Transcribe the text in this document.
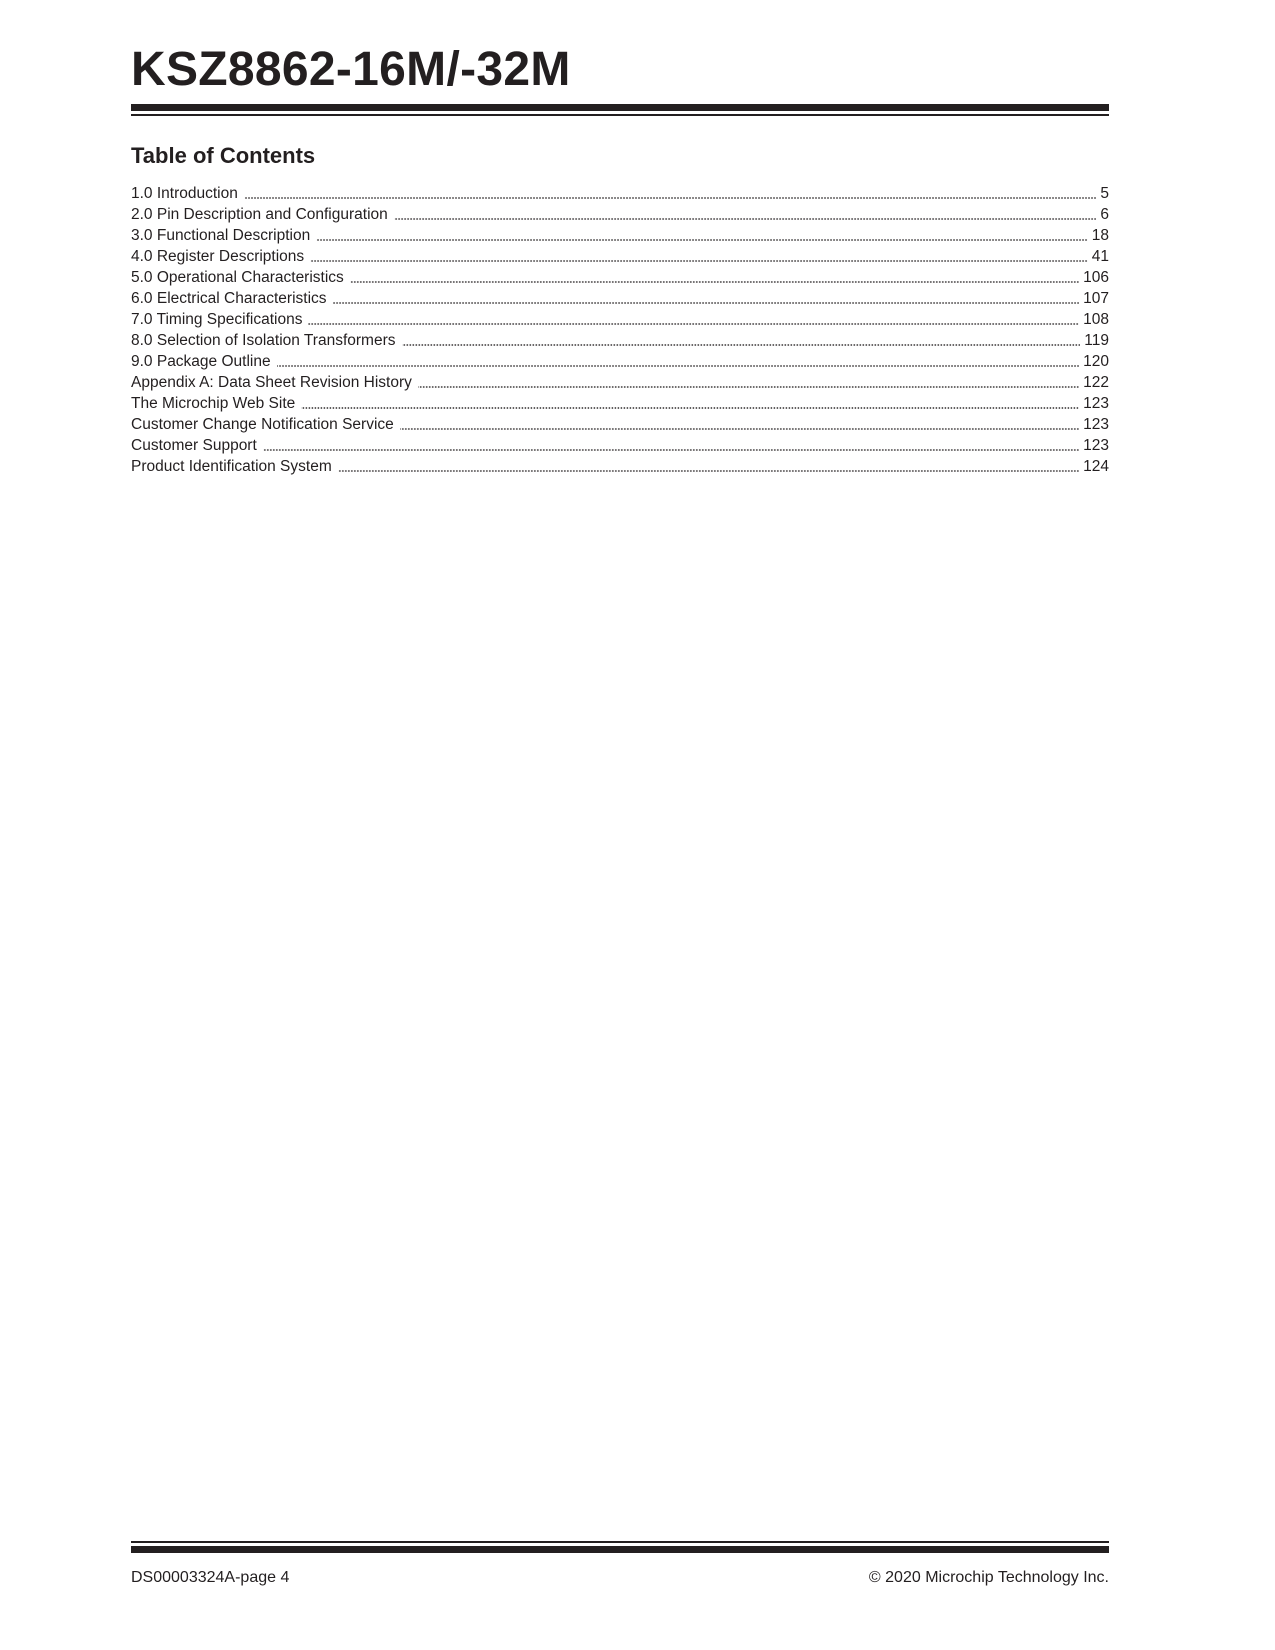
KSZ8862-16M/-32M
Table of Contents
1.0 Introduction	5
2.0 Pin Description and Configuration	6
3.0 Functional Description	18
4.0 Register Descriptions	41
5.0 Operational Characteristics	106
6.0 Electrical Characteristics	107
7.0 Timing Specifications	108
8.0 Selection of Isolation Transformers	119
9.0 Package Outline	120
Appendix A: Data Sheet Revision History	122
The Microchip Web Site	123
Customer Change Notification Service	123
Customer Support	123
Product Identification System	124
DS00003324A-page 4	© 2020 Microchip Technology Inc.
